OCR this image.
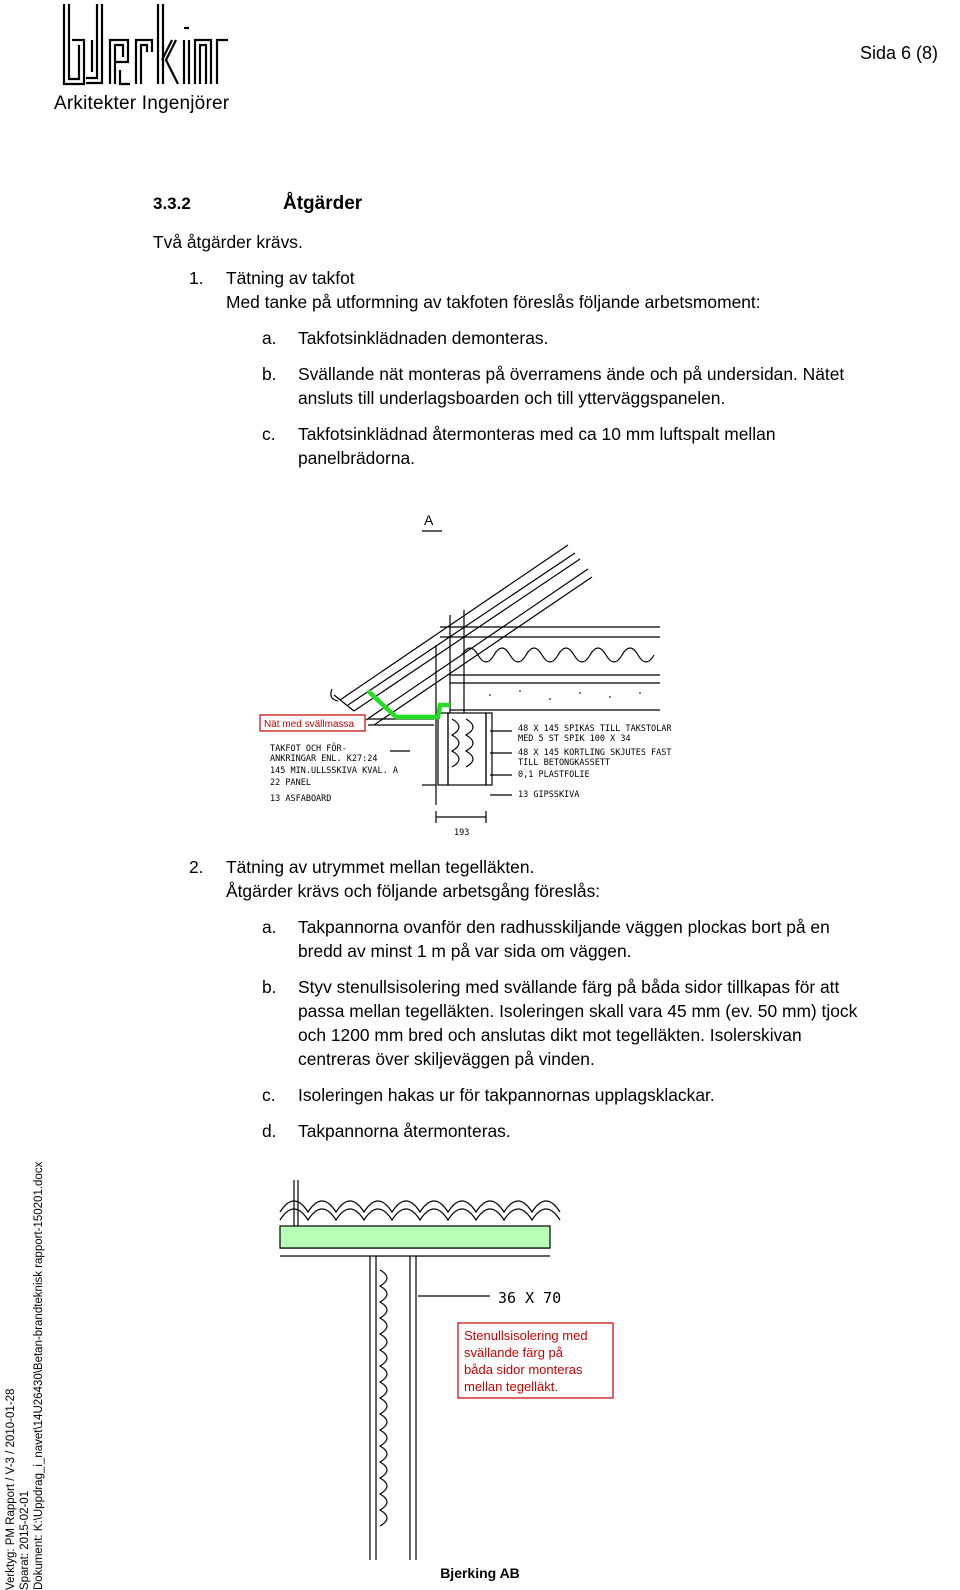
Arkitekter Ingenjörer
Sida 6 (8)
3.3.2	Åtgärder
Två åtgärder krävs.
1. Tätning av takfot
Med tanke på utformning av takfoten föreslås följande arbetsmoment:
a. Takfotsinklädnaden demonteras.
b. Svällande nät monteras på överramens ände och på undersidan. Nätet
ansluts till underlagsboarden och till ytterväggspanelen.
c. Takfotsinklädnad återmonteras med ca 10 mm luftspalt mellan
panelbrädorna.
Nät med svällmassa
A
TAKFOT OCH FÖR-
ANKRINGAR ENL. K27:24
145 MIN.ULLSSKIVA KVAL. A
22 PANEL
13 ASFABOARD
48 X 145 SPIKAS TILL TAKSTOLAR
MED 5 ST SPIK 100 X 34
48 X 145 KORTLING SKJUTES FAST
TILL BETONGKASSETT
0,1 PLASTFOLIE
13 GIPSSKIVA
193
2. Tätning av utrymmet mellan tegelläkten.
Åtgärder krävs och följande arbetsgång föreslås:
a. Takpannorna ovanför den radhusskiljande väggen plockas bort på en
bredd av minst 1 m på var sida om väggen.
b. Styv stenullsisolering med svällande färg på båda sidor tillkapas för att
passa mellan tegelläkten. Isoleringen skall vara 45 mm (ev. 50 mm) tjock
och 1200 mm bred och anslutas dikt mot tegelläkten. Isolerskivan
centreras över skiljeväggen på vinden.
c. Isoleringen hakas ur för takpannornas upplagsklackar.
d. Takpannorna återmonteras.
36 X 70
Stenullsisolering med
svällande färg på
båda sidor monteras
mellan tegelläkt.
Verktyg: PM Rapport / V-3 / 2010-01-28 Sparat: 2015-02-01 Dokument: K:\Uppdrag_i_navet\14U26430\Betan-brandteknisk rapport-150201.docx	Bjerking AB
